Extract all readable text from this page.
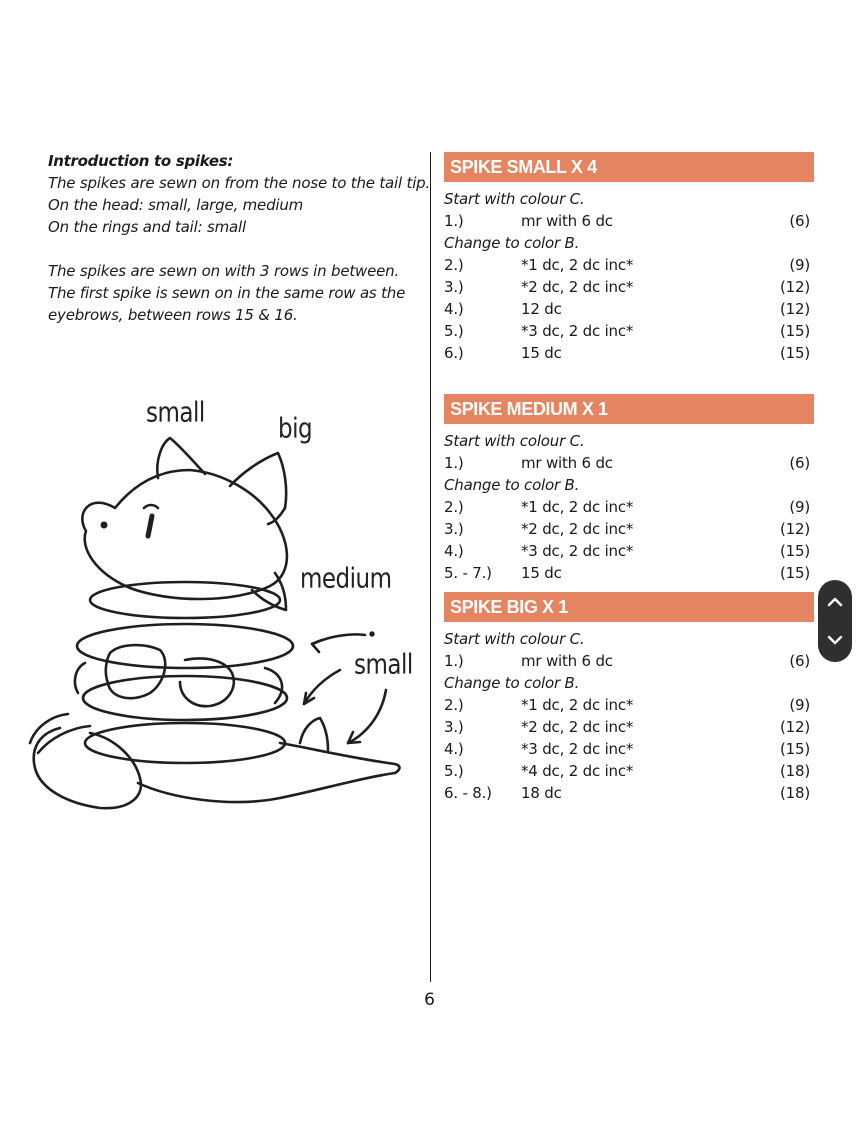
Introduction to spikes:
The spikes are sewn on from the nose to the tail tip.
On the head: small, large, medium
On the rings and tail: small
The spikes are sewn on with 3 rows in between.
The first spike is sewn on in the same row as the
eyebrows, between rows 15 & 16.
small
big
medium
small
SPIKE SMALL X 4
Start with colour C.
1.)	mr with 6 dc	(6)
Change to color B.
2.)	*1 dc, 2 dc inc*	(9)
3.)	*2 dc, 2 dc inc*	(12)
4.)	12 dc	(12)
5.)	*3 dc, 2 dc inc*	(15)
6.)	15 dc	(15)
SPIKE MEDIUM X 1
Start with colour C.
1.)	mr with 6 dc	(6)
Change to color B.
2.)	*1 dc, 2 dc inc*	(9)
3.)	*2 dc, 2 dc inc*	(12)
4.)	*3 dc, 2 dc inc*	(15)
5. - 7.) 15 dc	(15)
SPIKE BIG X 1
Start with colour C.
1.)	mr with 6 dc	(6)
Change to color B.
2.)	*1 dc, 2 dc inc*	(9)
3.)	*2 dc, 2 dc inc*	(12)
4.)	*3 dc, 2 dc inc*	(15)
5.)	*4 dc, 2 dc inc*	(18)
6. - 8.) 18 dc	(18)
6
